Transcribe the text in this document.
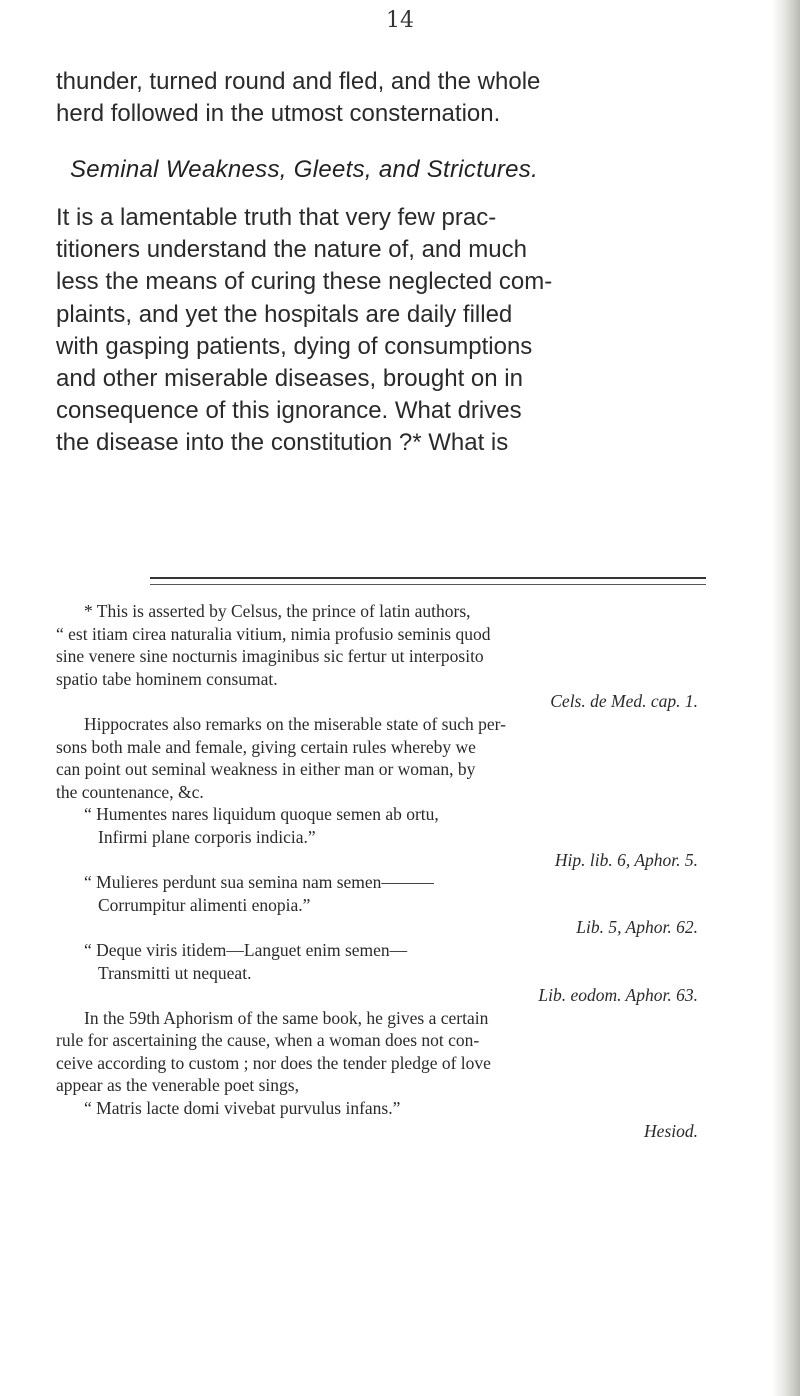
14

thunder, turned round and fled, and the whole

herd followed in the utmost consternation.

Seminal Weakness, Gleets, and Strictures.
It is a lamentable truth that very few prac-
titioners understand the nature of, and much
less the means of curing these neglected com-
plaints, and yet the hospitals are daily filled
with gasping patients, dying of consumptions
and other miserable diseases, brought on in
consequence of this ignorance. What drives
the disease into the constitution ?* What is
* This is asserted by Celsus, the prince of latin authors,
“ est itiam cirea naturalia vitium, nimia profusio seminis quod
sine venere sine nocturnis imaginibus sic fertur ut interposito
spatio tabe hominem consumat.
Cels. de Med. cap. 1.
Hippocrates also remarks on the miserable state of such per-
sons both male and female, giving certain rules whereby we
can point out seminal weakness in either man or woman, by
the countenance, &c.
“ Humentes nares liquidum quoque semen ab ortu,
Infirmi plane corporis indicia.”
Hip. lib. 6, Aphor. 5.
“ Mulieres perdunt sua semina nam semen———
Corrumpitur alimenti enopia.”
Lib. 5, Aphor. 62.
“ Deque viris itidem—Languet enim semen—
Transmitti ut nequeat.
Lib. eodom. Aphor. 63.
In the 59th Aphorism of the same book, he gives a certain
rule for ascertaining the cause, when a woman does not con-
ceive according to custom ; nor does the tender pledge of love
appear as the venerable poet sings,
“ Matris lacte domi vivebat purvulus infans.”
Hesiod.
